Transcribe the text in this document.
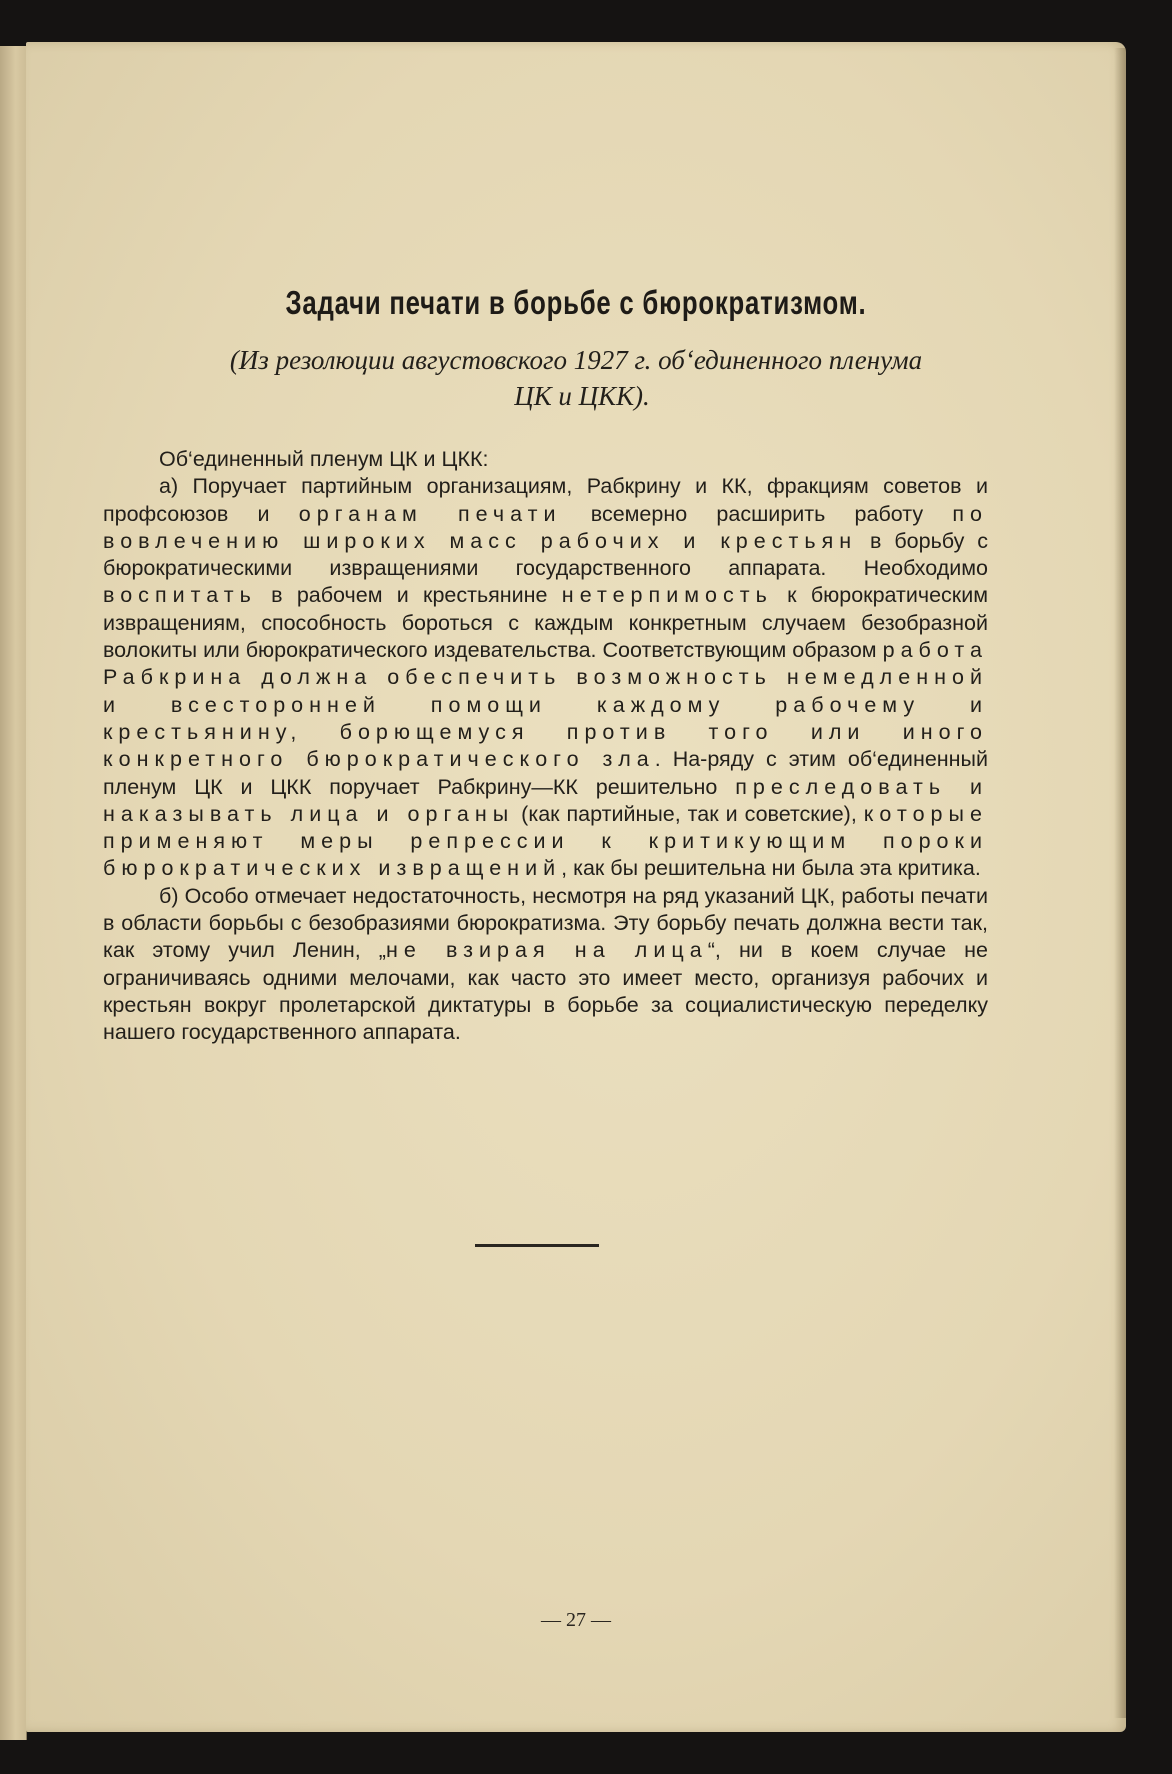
Задачи печати в борьбе с бюрократизмом.
(Из резолюции августовского 1927 г. об‘единенного пленума
ЦК и ЦКК).

Об‘единенный пленум ЦК и ЦКК:

а) Поручает партийным организациям, Рабкрину и КК, фракциям советов и профсоюзов и органам печати всемерно расширить работу по вовлечению широких масс рабочих и крестьян в борьбу с бюрократическими извращениями государственного аппарата. Необходимо воспитать в рабочем и крестьянине нетерпимость к бюрократическим извращениям, способность бороться с каждым конкретным случаем безобразной волокиты или бюрократического издевательства. Соответствующим образом работа Рабкрина должна обеспечить возможность немедленной и всесторонней помощи каждому рабочему и крестьянину, борющемуся против того или иного конкретного бюрократического зла. На-ряду с этим об‘единенный пленум ЦК и ЦКК поручает Рабкрину—КК решительно преследовать и наказывать лица и органы (как партийные, так и советские), которые применяют меры репрессии к критикующим пороки бюрократических извращений, как бы решительна ни была эта критика.

б) Особо отмечает недостаточность, несмотря на ряд указаний ЦК, работы печати в области борьбы с безобразиями бюрократизма. Эту борьбу печать должна вести так, как этому учил Ленин, „не взирая на лица“, ни в коем случае не ограничиваясь одними мелочами, как часто это имеет место, организуя рабочих и крестьян вокруг пролетарской диктатуры в борьбе за социалистическую переделку нашего государственного аппарата.

— 27 —
